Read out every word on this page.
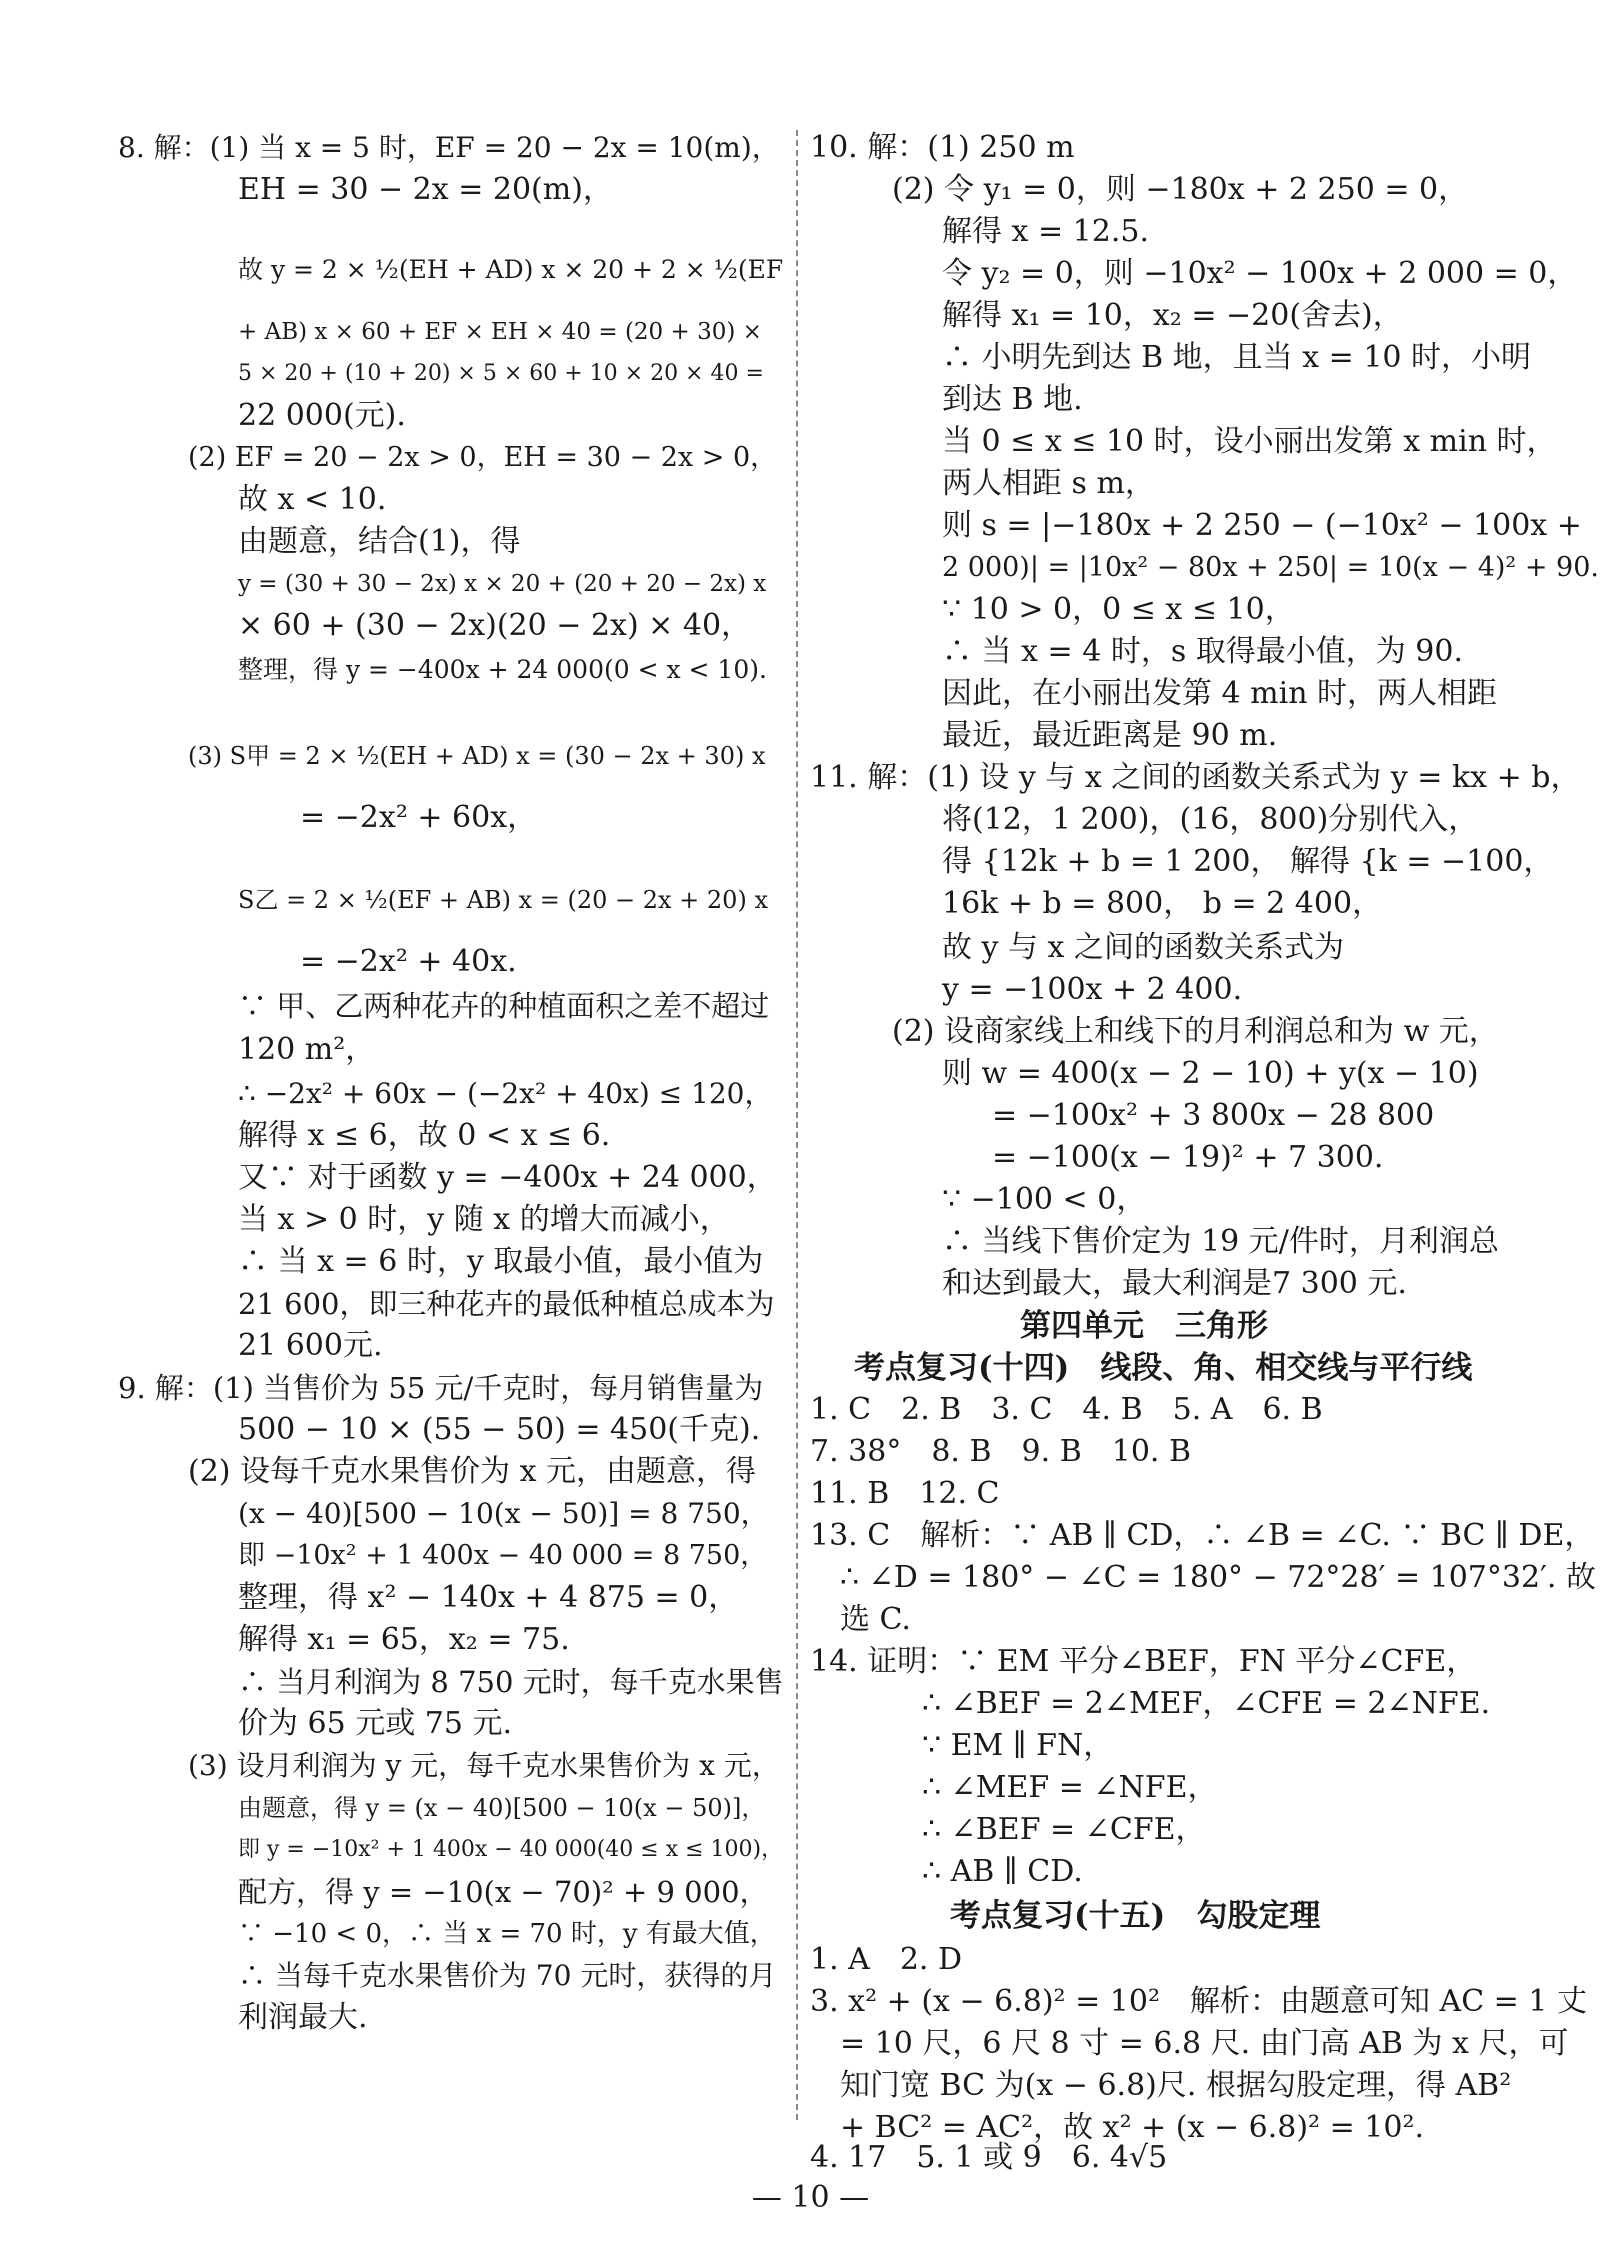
8. 解：(1) 当 x = 5 时，EF = 20 − 2x = 10(m)，
EH = 30 − 2x = 20(m)，
故 y = 2 × ½(EH + AD) x × 20 + 2 × ½(EF
+ AB) x × 60 + EF × EH × 40 = (20 + 30) ×
5 × 20 + (10 + 20) × 5 × 60 + 10 × 20 × 40 =
22 000(元).
(2) EF = 20 − 2x > 0，EH = 30 − 2x > 0，
故 x < 10.
由题意，结合(1)，得
y = (30 + 30 − 2x) x × 20 + (20 + 20 − 2x) x
× 60 + (30 − 2x)(20 − 2x) × 40，
整理，得 y = −400x + 24 000(0 < x < 10).
(3) S甲 = 2 × ½(EH + AD) x = (30 − 2x + 30) x
= −2x² + 60x，
S乙 = 2 × ½(EF + AB) x = (20 − 2x + 20) x
= −2x² + 40x.
∵ 甲、乙两种花卉的种植面积之差不超过
120 m²，
∴ −2x² + 60x − (−2x² + 40x) ≤ 120，
解得 x ≤ 6，故 0 < x ≤ 6.
又∵ 对于函数 y = −400x + 24 000，
当 x > 0 时，y 随 x 的增大而减小，
∴ 当 x = 6 时，y 取最小值，最小值为
21 600，即三种花卉的最低种植总成本为
21 600元.
9. 解：(1) 当售价为 55 元/千克时，每月销售量为
500 − 10 × (55 − 50) = 450(千克).
(2) 设每千克水果售价为 x 元，由题意，得
(x − 40)[500 − 10(x − 50)] = 8 750，
即 −10x² + 1 400x − 40 000 = 8 750，
整理，得 x² − 140x + 4 875 = 0，
解得 x₁ = 65，x₂ = 75.
∴ 当月利润为 8 750 元时，每千克水果售
价为 65 元或 75 元.
(3) 设月利润为 y 元，每千克水果售价为 x 元，
由题意，得 y = (x − 40)[500 − 10(x − 50)]，
即 y = −10x² + 1 400x − 40 000(40 ≤ x ≤ 100)，
配方，得 y = −10(x − 70)² + 9 000，
∵ −10 < 0，∴ 当 x = 70 时，y 有最大值，
∴ 当每千克水果售价为 70 元时，获得的月
利润最大.
10. 解：(1) 250 m
(2) 令 y₁ = 0，则 −180x + 2 250 = 0，
解得 x = 12.5.
令 y₂ = 0，则 −10x² − 100x + 2 000 = 0，
解得 x₁ = 10，x₂ = −20(舍去)，
∴ 小明先到达 B 地，且当 x = 10 时，小明
到达 B 地.
当 0 ≤ x ≤ 10 时，设小丽出发第 x min 时，
两人相距 s m，
则 s = |−180x + 2 250 − (−10x² − 100x +
2 000)| = |10x² − 80x + 250| = 10(x − 4)² + 90.
∵ 10 > 0，0 ≤ x ≤ 10，
∴ 当 x = 4 时，s 取得最小值，为 90.
因此，在小丽出发第 4 min 时，两人相距
最近，最近距离是 90 m.
11. 解：(1) 设 y 与 x 之间的函数关系式为 y = kx + b，
将(12，1 200)，(16，800)分别代入，
得 {12k + b = 1 200， 解得 {k = −100，
16k + b = 800， b = 2 400，
故 y 与 x 之间的函数关系式为
y = −100x + 2 400.
(2) 设商家线上和线下的月利润总和为 w 元，
则 w = 400(x − 2 − 10) + y(x − 10)
= −100x² + 3 800x − 28 800
= −100(x − 19)² + 7 300.
∵ −100 < 0，
∴ 当线下售价定为 19 元/件时，月利润总
和达到最大，最大利润是7 300 元.
第四单元　三角形
考点复习(十四)　线段、角、相交线与平行线
1. C　2. B　3. C　4. B　5. A　6. B
7. 38°　8. B　9. B　10. B
11. B　12. C
13. C　解析：∵ AB ∥ CD，∴ ∠B = ∠C. ∵ BC ∥ DE，
∴ ∠D = 180° − ∠C = 180° − 72°28′ = 107°32′. 故
选 C.
14. 证明：∵ EM 平分∠BEF，FN 平分∠CFE，
∴ ∠BEF = 2∠MEF，∠CFE = 2∠NFE.
∵ EM ∥ FN，
∴ ∠MEF = ∠NFE，
∴ ∠BEF = ∠CFE，
∴ AB ∥ CD.
考点复习(十五)　勾股定理
1. A　2. D
3. x² + (x − 6.8)² = 10²　解析：由题意可知 AC = 1 丈
= 10 尺，6 尺 8 寸 = 6.8 尺. 由门高 AB 为 x 尺，可
知门宽 BC 为(x − 6.8)尺. 根据勾股定理，得 AB²
+ BC² = AC²，故 x² + (x − 6.8)² = 10².
4. 17　5. 1 或 9　6. 4√5
— 10 —
